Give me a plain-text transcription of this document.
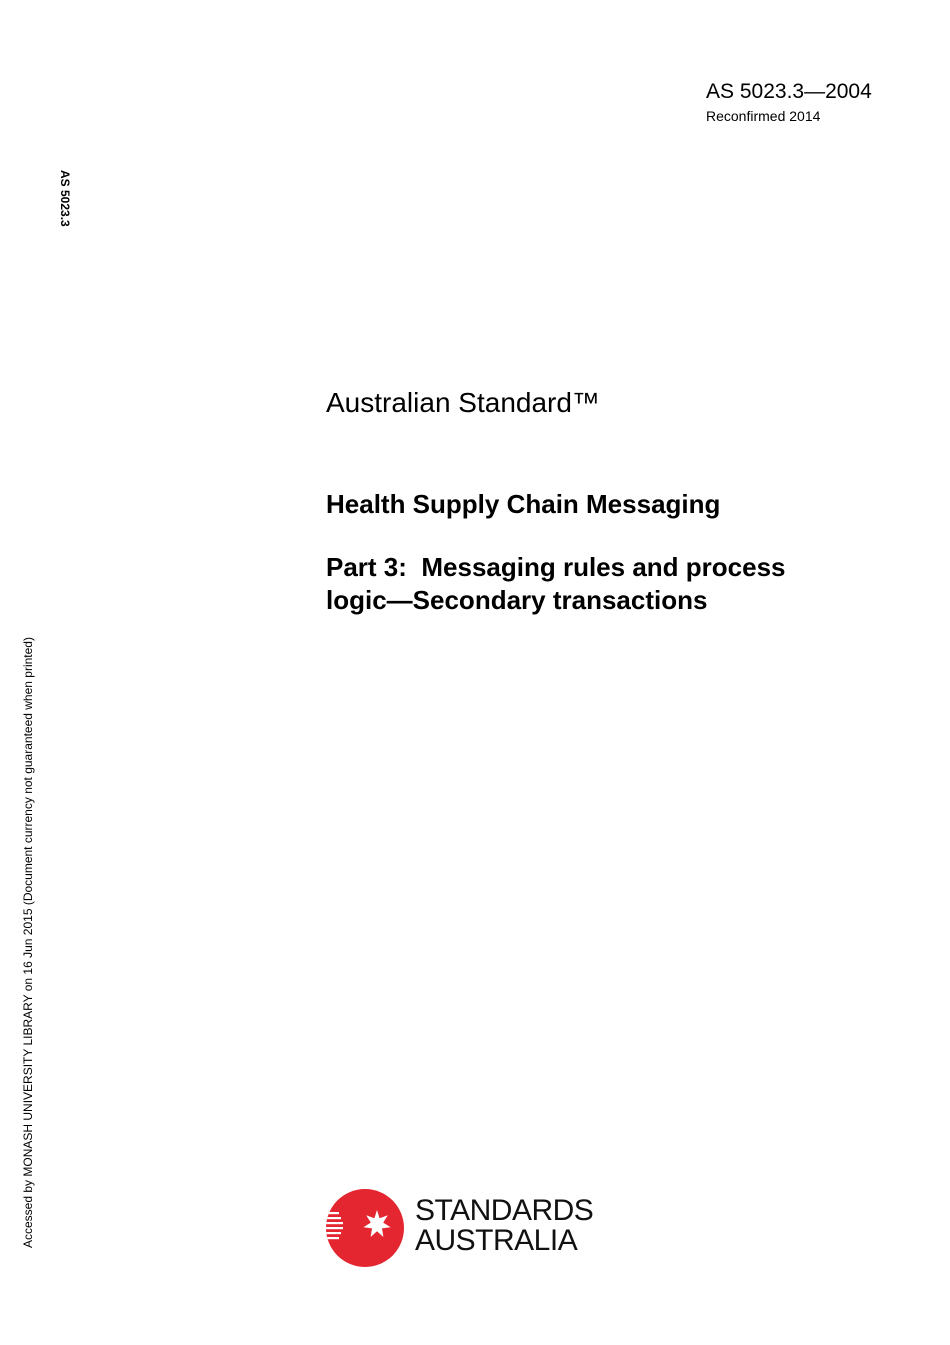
AS 5023.3—2004
Reconfirmed 2014
AS 5023.3
Accessed by MONASH UNIVERSITY LIBRARY on 16 Jun 2015 (Document currency not guaranteed when printed)
Australian Standard™
Health Supply Chain Messaging
Part 3:  Messaging rules and process
logic—Secondary transactions
STANDARDS
AUSTRALIA
